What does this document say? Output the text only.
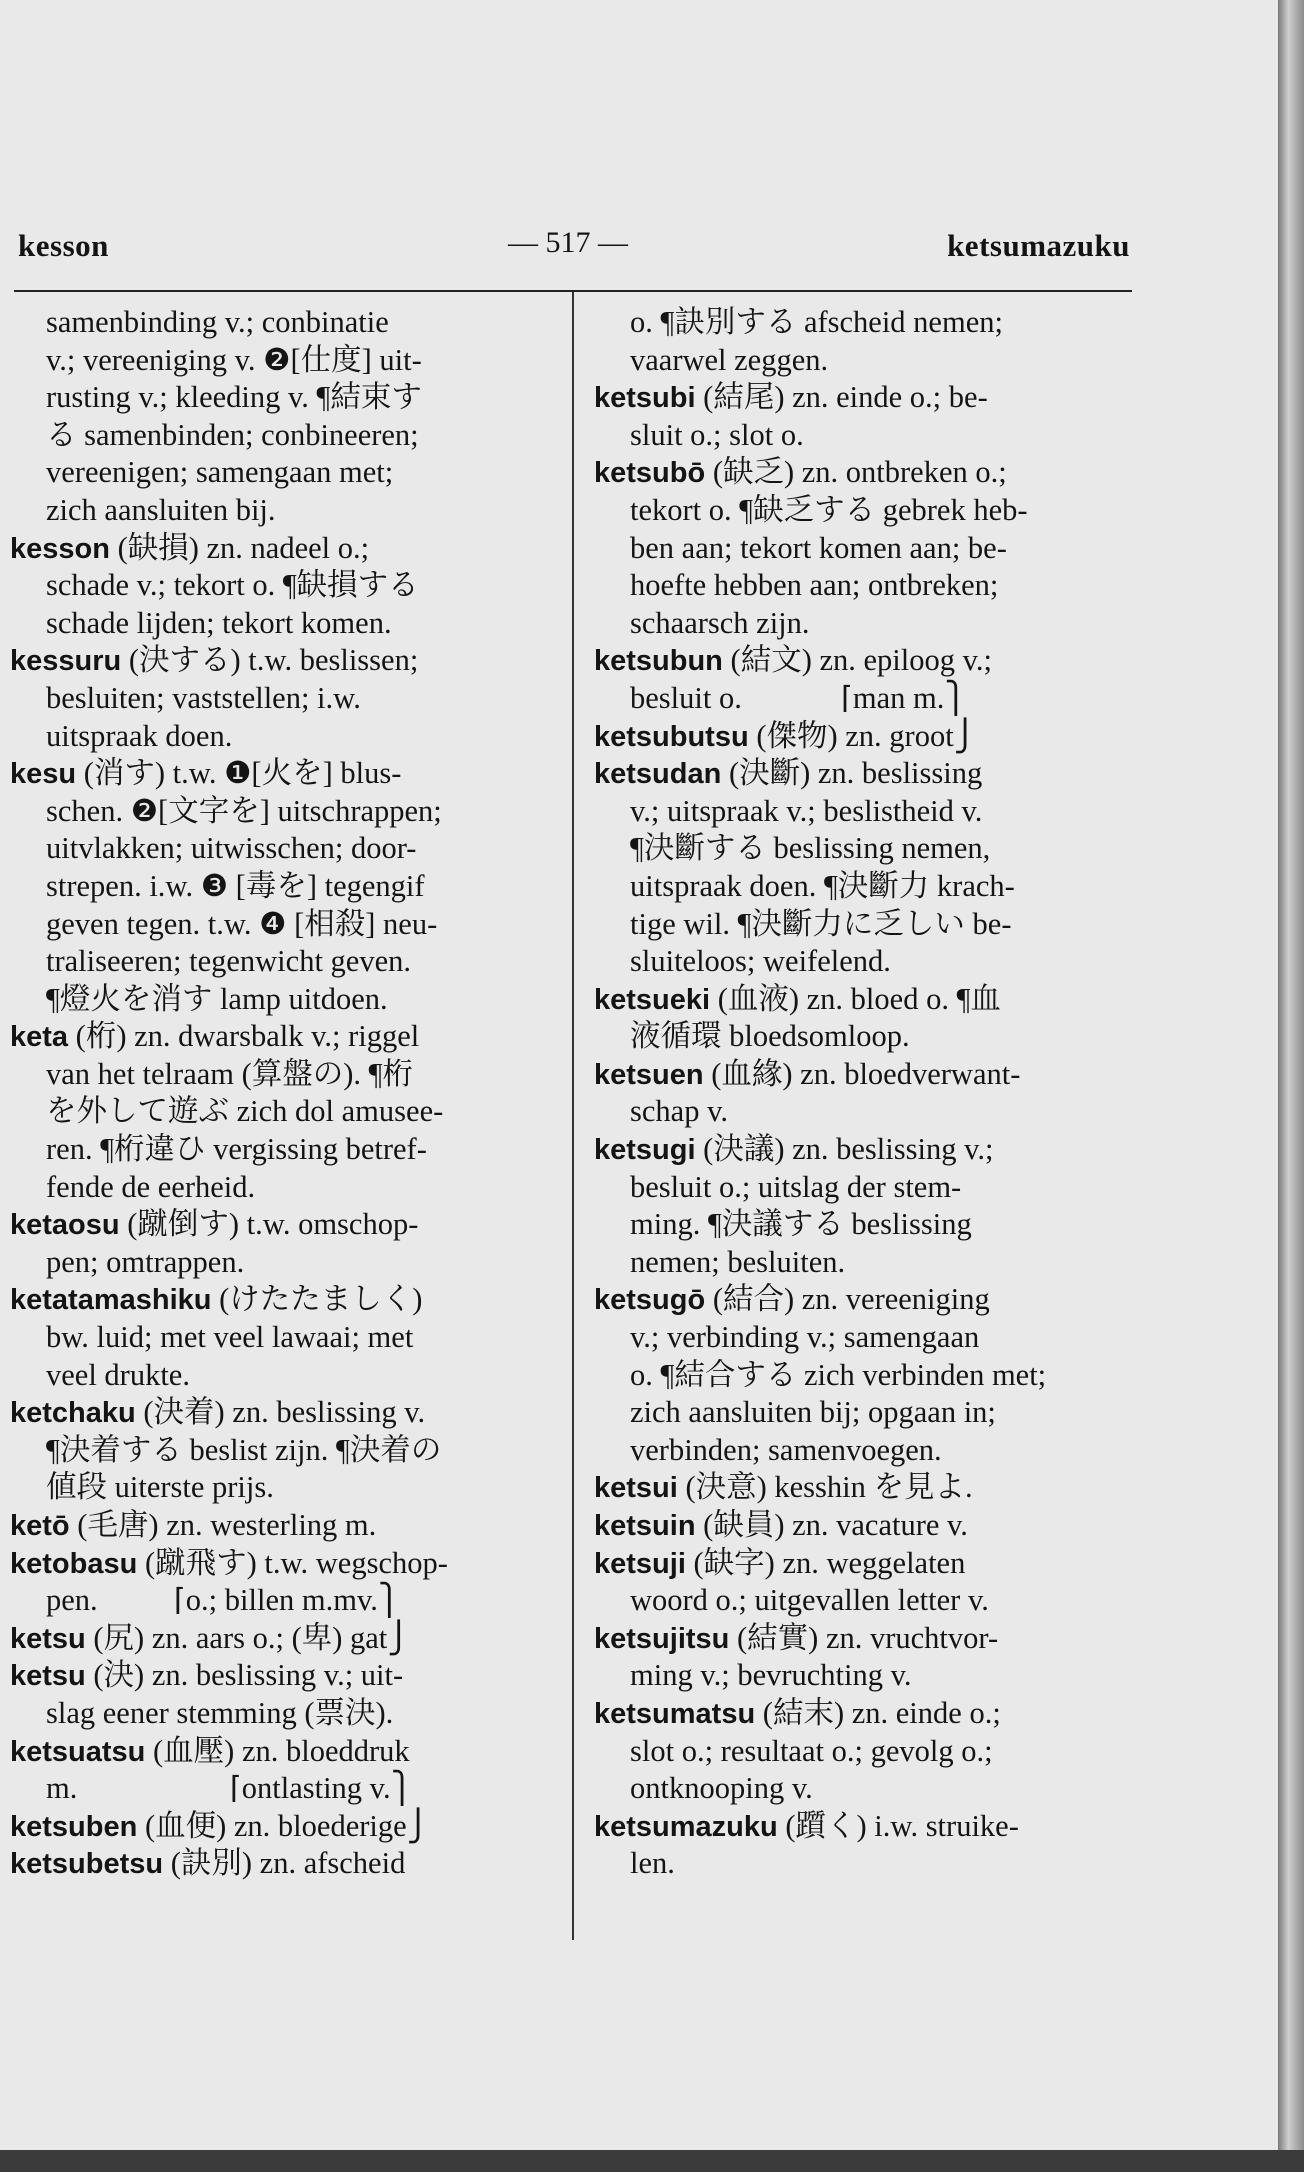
kesson	— 517 —	ketsumazuku
samenbinding v.; conbinatie
v.; vereeniging v. ❷[仕度] uit-
rusting v.; kleeding v. ¶結束す
る samenbinden; conbineeren;
vereenigen; samengaan met;
zich aansluiten bij.
kesson (缺損) zn. nadeel o.;
schade v.; tekort o. ¶缺損する
schade lijden; tekort komen.
kessuru (決する) t.w. beslissen;
besluiten; vaststellen; i.w.
uitspraak doen.
kesu (消す) t.w. ❶[火を] blus-
schen. ❷[文字を] uitschrappen;
uitvlakken; uitwisschen; door-
strepen. i.w. ❸ [毒を] tegengif
geven tegen. t.w. ❹ [相殺] neu-
traliseeren; tegenwicht geven.
¶燈火を消す lamp uitdoen.
keta (桁) zn. dwarsbalk v.; riggel
van het telraam (算盤の). ¶桁
を外して遊ぶ zich dol amusee-
ren. ¶桁違ひ vergissing betref-
fende de eerheid.
ketaosu (蹴倒す) t.w. omschop-
pen; omtrappen.
ketatamashiku (けたたましく)
bw. luid; met veel lawaai; met
veel drukte.
ketchaku (決着) zn. beslissing v.
¶決着する beslist zijn. ¶決着の
値段 uiterste prijs.
ketō (毛唐) zn. westerling m.
ketobasu (蹴飛す) t.w. wegschop-
pen.          ⌈o.; billen m.mv.⎫
ketsu (尻) zn. aars o.; (卑) gat⎭
ketsu (決) zn. beslissing v.; uit-
slag eener stemming (票決).
ketsuatsu (血壓) zn. bloeddruk
m.                    ⌈ontlasting v.⎫
ketsuben (血便) zn. bloederige⎭
ketsubetsu (訣別) zn. afscheid
o. ¶訣別する afscheid nemen;
vaarwel zeggen.
ketsubi (結尾) zn. einde o.; be-
sluit o.; slot o.
ketsubō (缺乏) zn. ontbreken o.;
tekort o. ¶缺乏する gebrek heb-
ben aan; tekort komen aan; be-
hoefte hebben aan; ontbreken;
schaarsch zijn.
ketsubun (結文) zn. epiloog v.;
besluit o.             ⌈man m.⎫
ketsubutsu (傑物) zn. groot⎭
ketsudan (決斷) zn. beslissing
v.; uitspraak v.; beslistheid v.
¶決斷する beslissing nemen,
uitspraak doen. ¶決斷力 krach-
tige wil. ¶決斷力に乏しい be-
sluiteloos; weifelend.
ketsueki (血液) zn. bloed o. ¶血
液循環 bloedsomloop.
ketsuen (血緣) zn. bloedverwant-
schap v.
ketsugi (決議) zn. beslissing v.;
besluit o.; uitslag der stem-
ming. ¶決議する beslissing
nemen; besluiten.
ketsugō (結合) zn. vereeniging
v.; verbinding v.; samengaan
o. ¶結合する zich verbinden met;
zich aansluiten bij; opgaan in;
verbinden; samenvoegen.
ketsui (決意) kesshin を見よ.
ketsuin (缺員) zn. vacature v.
ketsuji (缺字) zn. weggelaten
woord o.; uitgevallen letter v.
ketsujitsu (結實) zn. vruchtvor-
ming v.; bevruchting v.
ketsumatsu (結末) zn. einde o.;
slot o.; resultaat o.; gevolg o.;
ontknooping v.
ketsumazuku (躓く) i.w. struike-
len.
